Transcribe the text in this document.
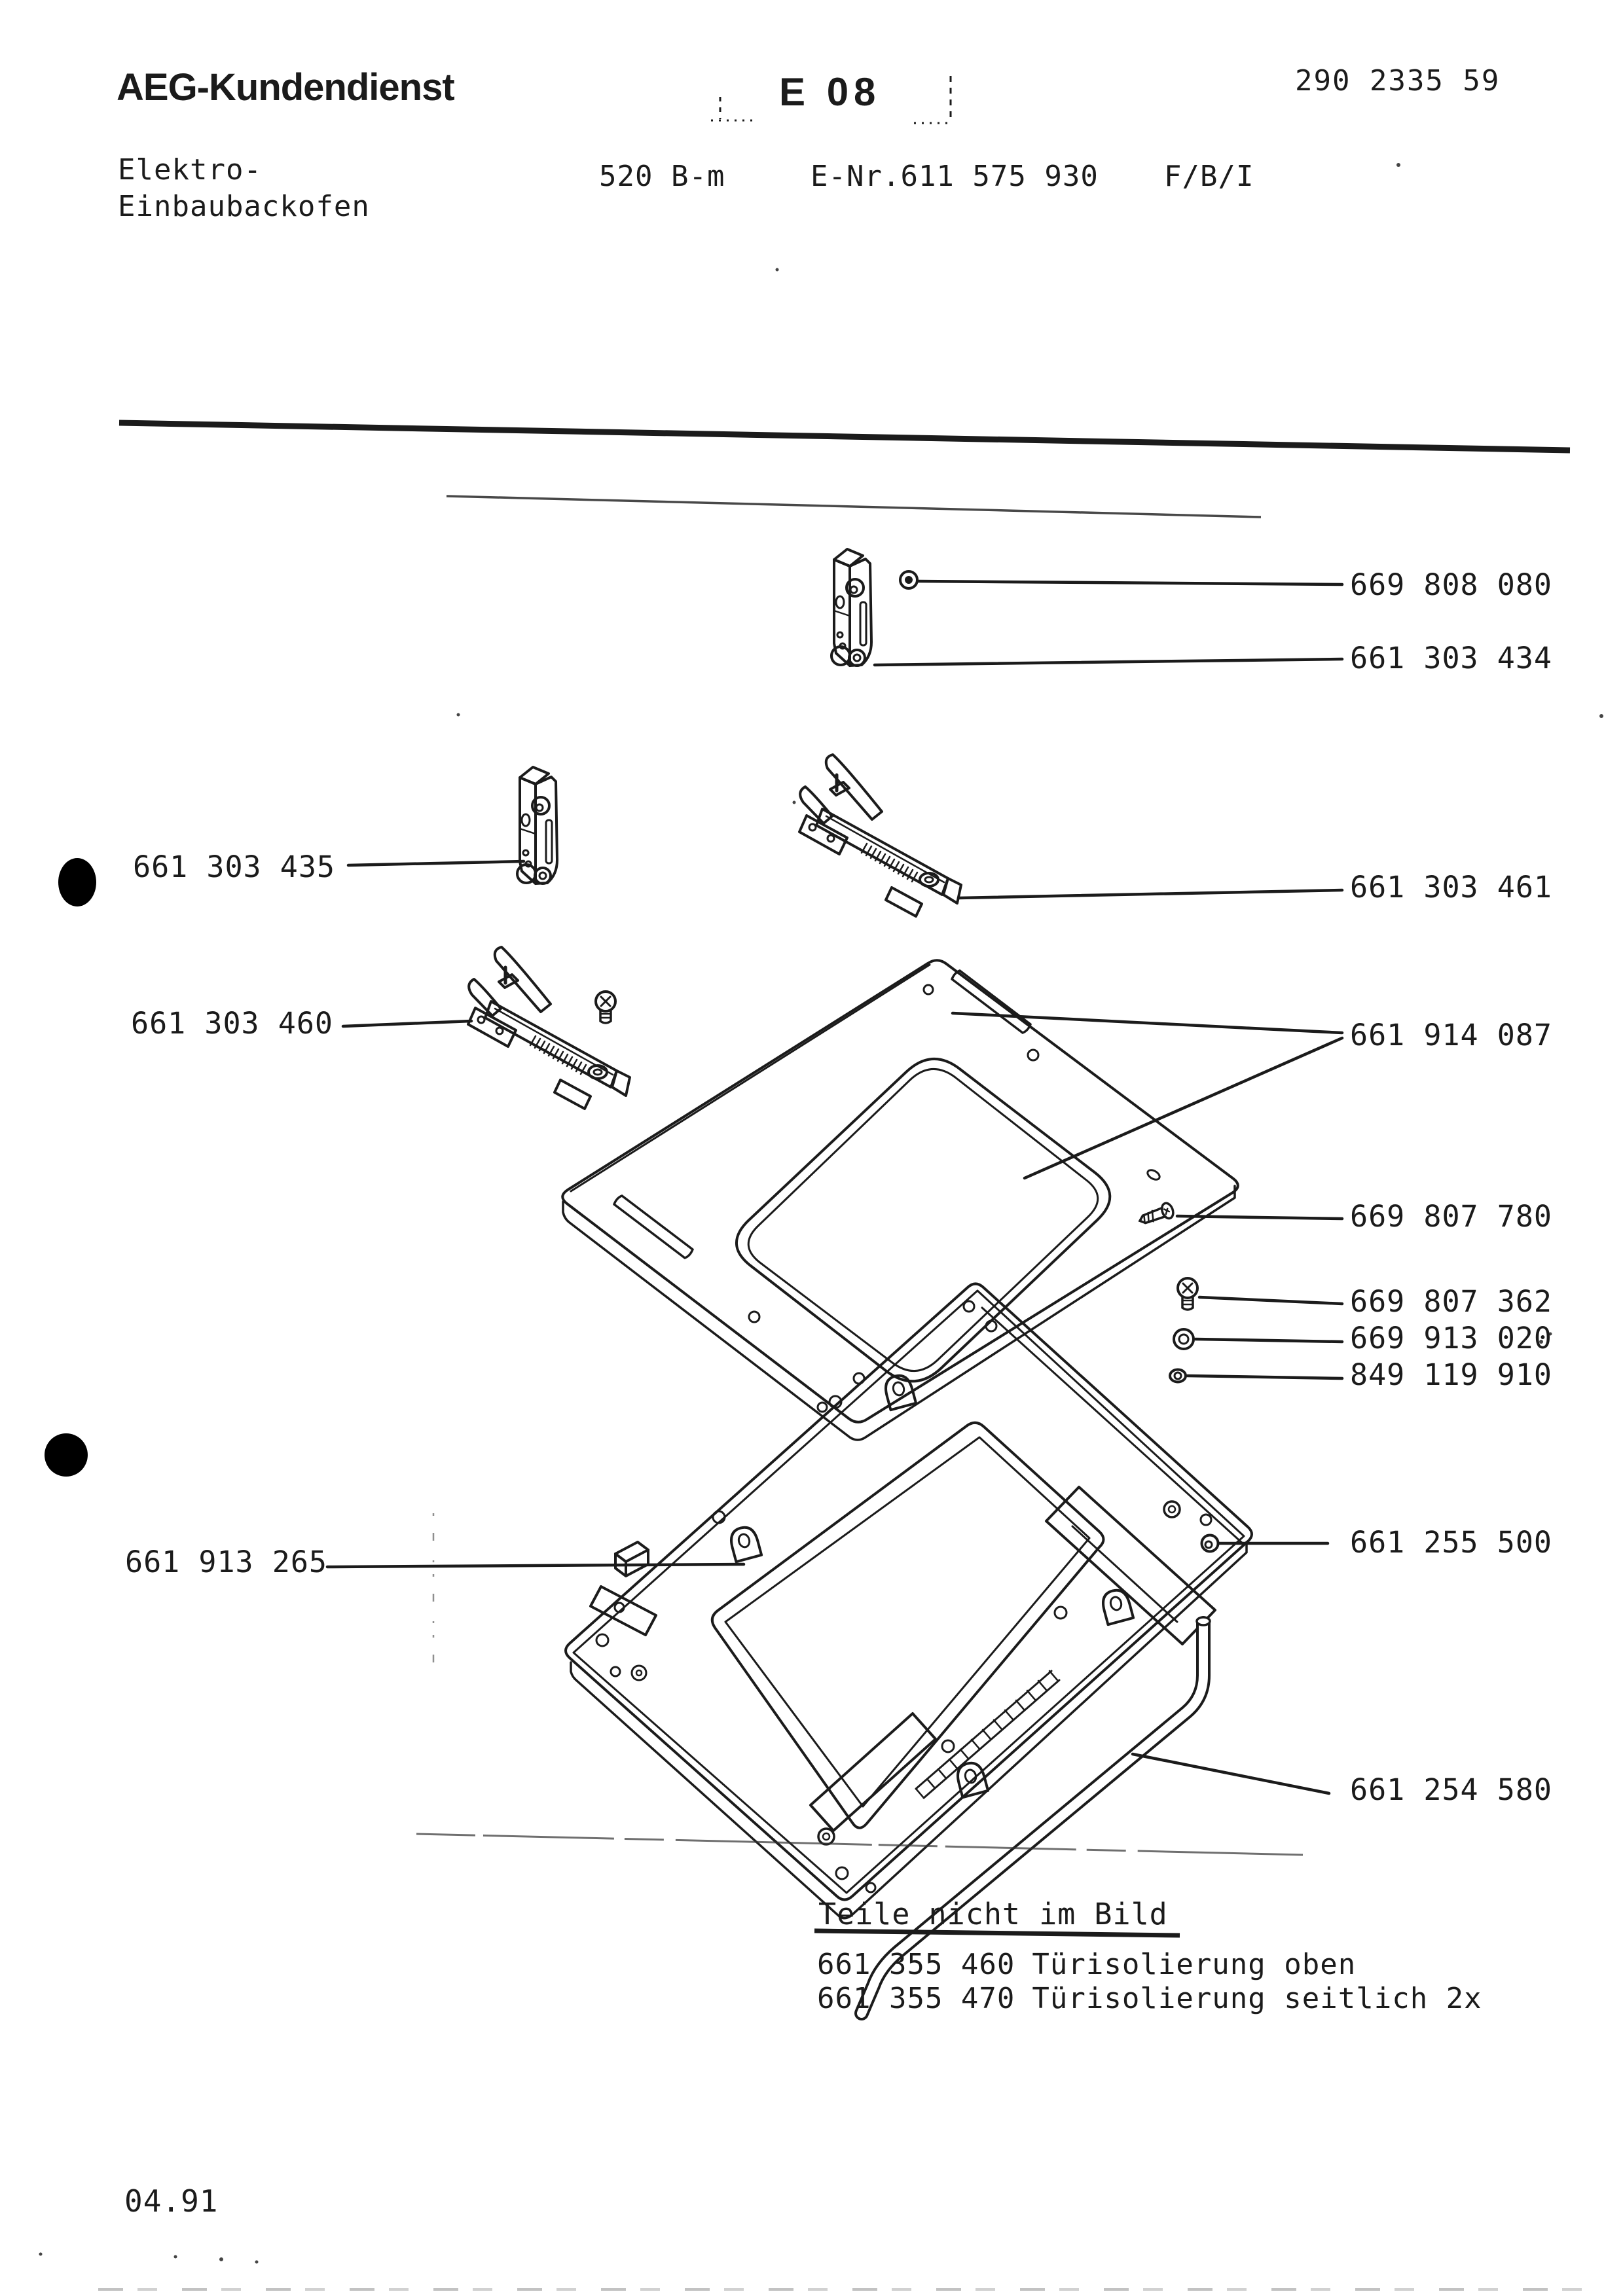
AEG-Kundendienst	E 08	290 2335 59
Elektro-
Einbaubackofen
520 B-m	E-Nr.611 575 930 F/B/I
669 808 080
661 303 434
661 303 461
661 914 087
669 807 780
669 807 362
669 913 020
849 119 910
661 255 500
661 254 580
661 303 435
661 303 460
661 913 265
Teile nicht im Bild
661 355 460 Türisolierung oben
661 355 470 Türisolierung seitlich 2x
04.91
